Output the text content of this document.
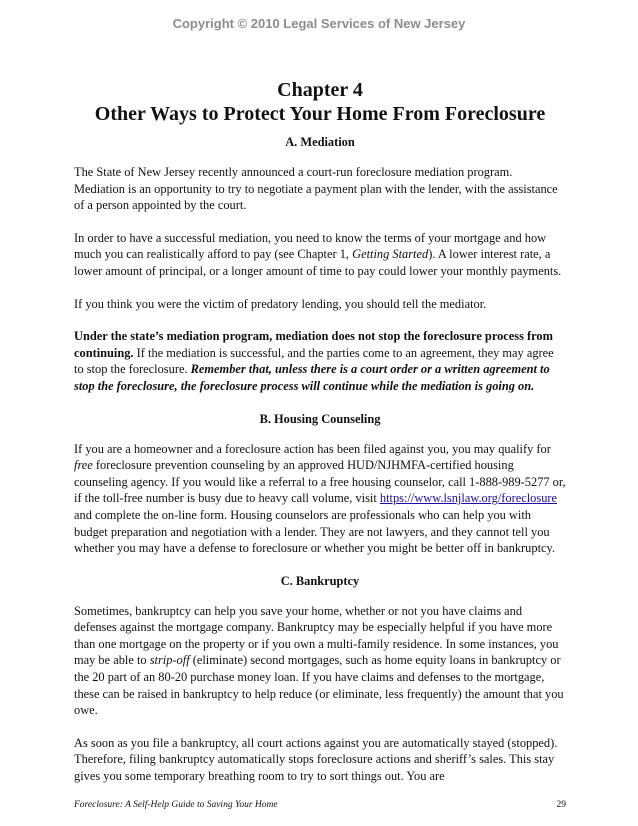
Copyright © 2010 Legal Services of New Jersey
Chapter 4

Other Ways to Protect Your Home From Foreclosure
A. Mediation

The State of New Jersey recently announced a court-run foreclosure mediation program. Mediation is an opportunity to try to negotiate a payment plan with the lender, with the assistance of a person appointed by the court.

In order to have a successful mediation, you need to know the terms of your mortgage and how much you can realistically afford to pay (see Chapter 1, Getting Started). A lower interest rate, a lower amount of principal, or a longer amount of time to pay could lower your monthly payments.

If you think you were the victim of predatory lending, you should tell the mediator.

Under the state’s mediation program, mediation does not stop the foreclosure process from continuing. If the mediation is successful, and the parties come to an agreement, they may agree to stop the foreclosure. Remember that, unless there is a court order or a written agreement to stop the foreclosure, the foreclosure process will continue while the mediation is going on.

B. Housing Counseling

If you are a homeowner and a foreclosure action has been filed against you, you may qualify for free foreclosure prevention counseling by an approved HUD/NJHMFA-certified housing counseling agency. If you would like a referral to a free housing counselor, call 1-888-989-5277 or, if the toll-free number is busy due to heavy call volume, visit https://www.lsnjlaw.org/foreclosure and complete the on-line form. Housing counselors are professionals who can help you with budget preparation and negotiation with a lender. They are not lawyers, and they cannot tell you whether you may have a defense to foreclosure or whether you might be better off in bankruptcy.

C. Bankruptcy

Sometimes, bankruptcy can help you save your home, whether or not you have claims and defenses against the mortgage company. Bankruptcy may be especially helpful if you have more than one mortgage on the property or if you own a multi-family residence. In some instances, you may be able to strip-off (eliminate) second mortgages, such as home equity loans in bankruptcy or the 20 part of an 80-20 purchase money loan. If you have claims and defenses to the mortgage, these can be raised in bankruptcy to help reduce (or eliminate, less frequently) the amount that you owe.

As soon as you file a bankruptcy, all court actions against you are automatically stayed (stopped). Therefore, filing bankruptcy automatically stops foreclosure actions and sheriff’s sales. This stay gives you some temporary breathing room to try to sort things out. You are

Foreclosure: A Self-Help Guide to Saving Your Home	29
